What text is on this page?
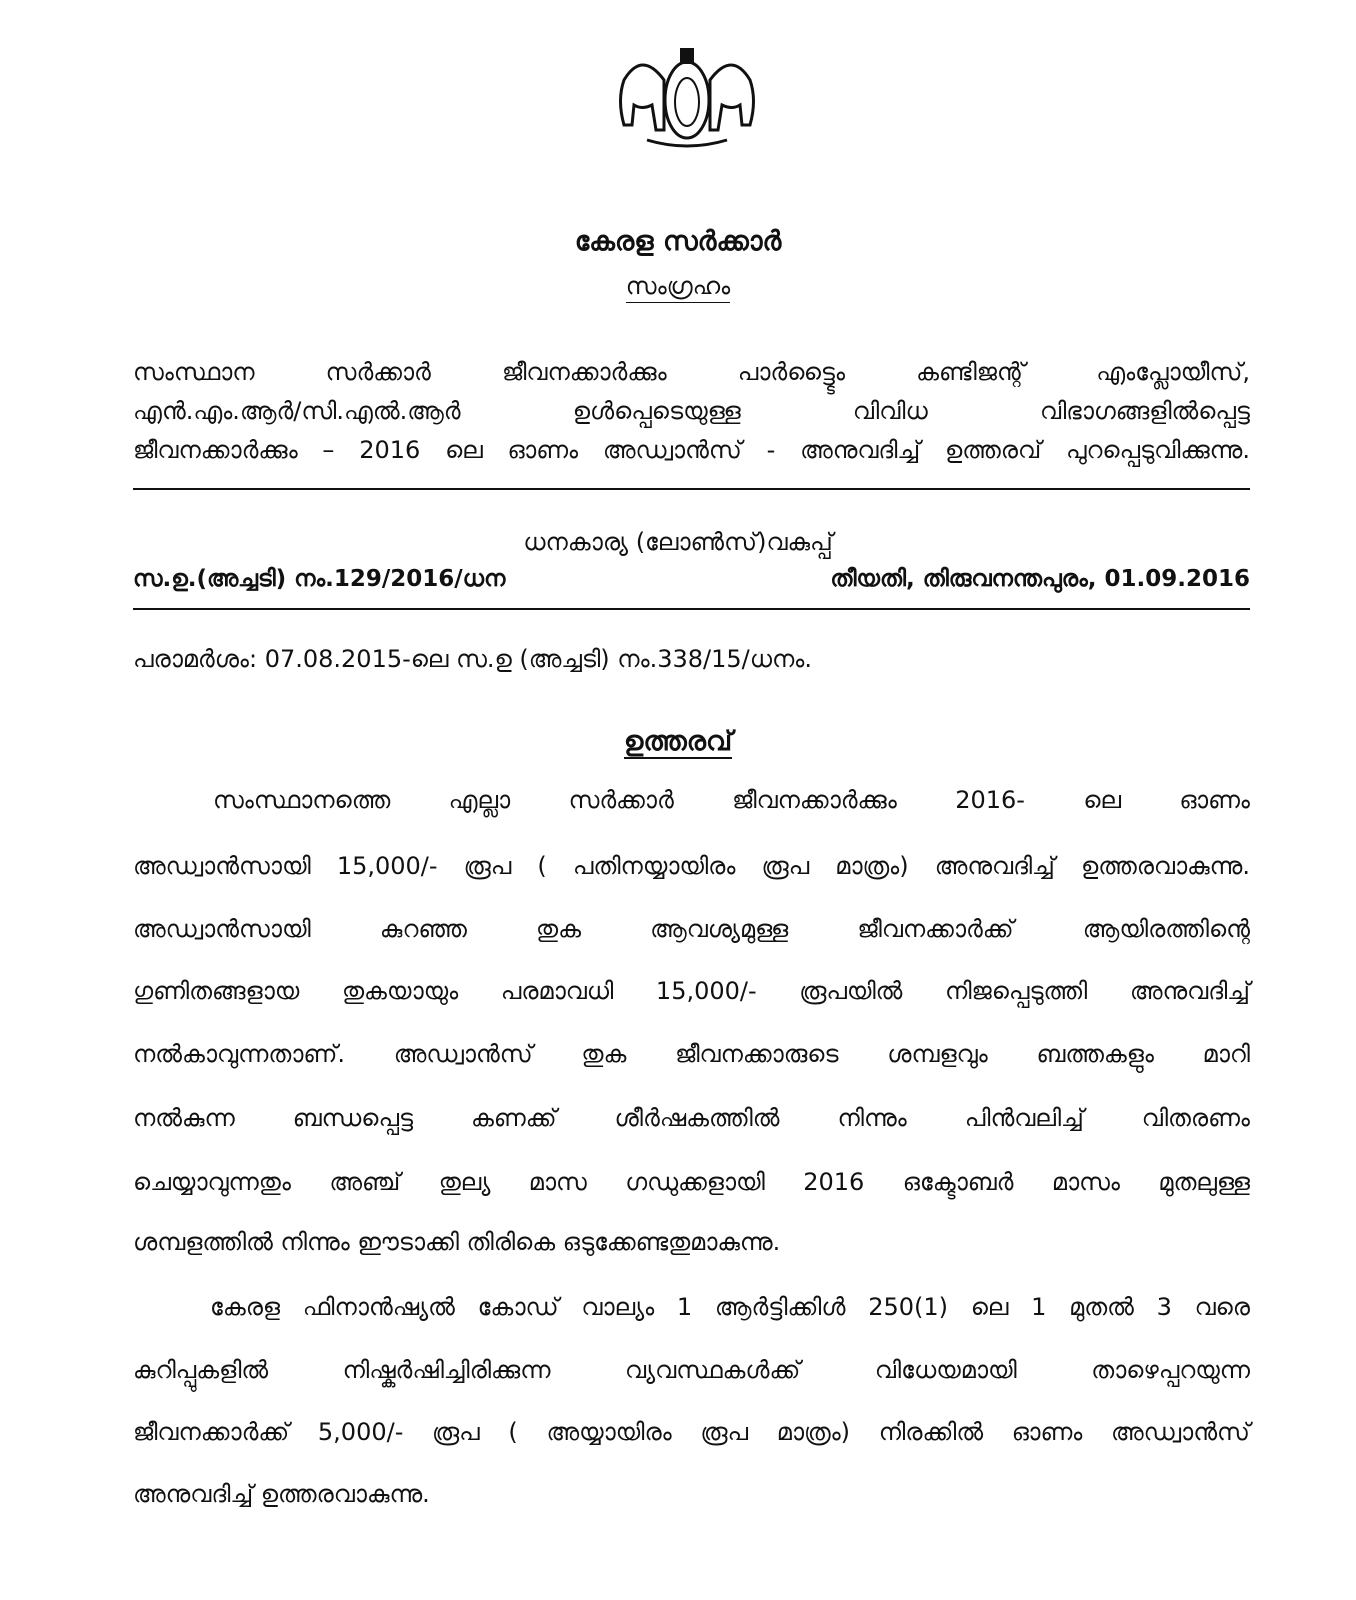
കേരള സർക്കാർ
സംഗ്രഹം
സംസ്ഥാന സർക്കാർ ജീവനക്കാർക്കും പാർട്ട്ടൈം കണ്ടിജന്റ് എംപ്ലോയീസ്,
എൻ.എം.ആർ/സി.എൽ.ആർ ഉൾപ്പെടെയുള്ള വിവിധ വിഭാഗങ്ങളിൽപ്പെട്ട
ജീവനക്കാർക്കും – 2016 ലെ ഓണം അഡ്വാൻസ് - അനുവദിച്ച് ഉത്തരവ് പുറപ്പെടുവിക്കുന്നു.
ധനകാര്യ (ലോൺസ്)വകുപ്പ്
സ.ഉ.(അച്ചടി) നം.129/2016/ധന	തീയതി, തിരുവനന്തപുരം, 01.09.2016
പരാമർശം: 07.08.2015-ലെ സ.ഉ (അച്ചടി) നം.338/15/ധനം.
ഉത്തരവ്
സംസ്ഥാനത്തെ എല്ലാ സർക്കാർ ജീവനക്കാർക്കും 2016- ലെ ഓണം
അഡ്വാൻസായി 15,000/- രൂപ ( പതിനയ്യായിരം രൂപ മാത്രം) അനുവദിച്ച് ഉത്തരവാകുന്നു.
അഡ്വാൻസായി കുറഞ്ഞ തുക ആവശ്യമുള്ള ജീവനക്കാർക്ക് ആയിരത്തിന്റെ
ഗുണിതങ്ങളായ തുകയായും പരമാവധി 15,000/- രൂപയിൽ നിജപ്പെടുത്തി അനുവദിച്ച്
നൽകാവുന്നതാണ്. അഡ്വാൻസ് തുക ജീവനക്കാരുടെ ശമ്പളവും ബത്തകളും മാറി
നൽകുന്ന ബന്ധപ്പെട്ട കണക്ക് ശീർഷകത്തിൽ നിന്നും പിൻവലിച്ച് വിതരണം
ചെയ്യാവുന്നതും അഞ്ച് തുല്യ മാസ ഗഡുക്കളായി 2016 ഒക്ടോബർ മാസം മുതലുള്ള
ശമ്പളത്തിൽ നിന്നും ഈടാക്കി തിരികെ ഒടുക്കേണ്ടതുമാകുന്നു.
കേരള ഫിനാൻഷ്യൽ കോഡ് വാല്യം 1 ആർട്ടിക്കിൾ 250(1) ലെ 1 മുതൽ 3 വരെ
കുറിപ്പുകളിൽ നിഷ്കർഷിച്ചിരിക്കുന്ന വ്യവസ്ഥകൾക്ക് വിധേയമായി താഴെപ്പറയുന്ന
ജീവനക്കാർക്ക് 5,000/- രൂപ ( അയ്യായിരം രൂപ മാത്രം) നിരക്കിൽ ഓണം അഡ്വാൻസ്
അനുവദിച്ച് ഉത്തരവാകുന്നു.
